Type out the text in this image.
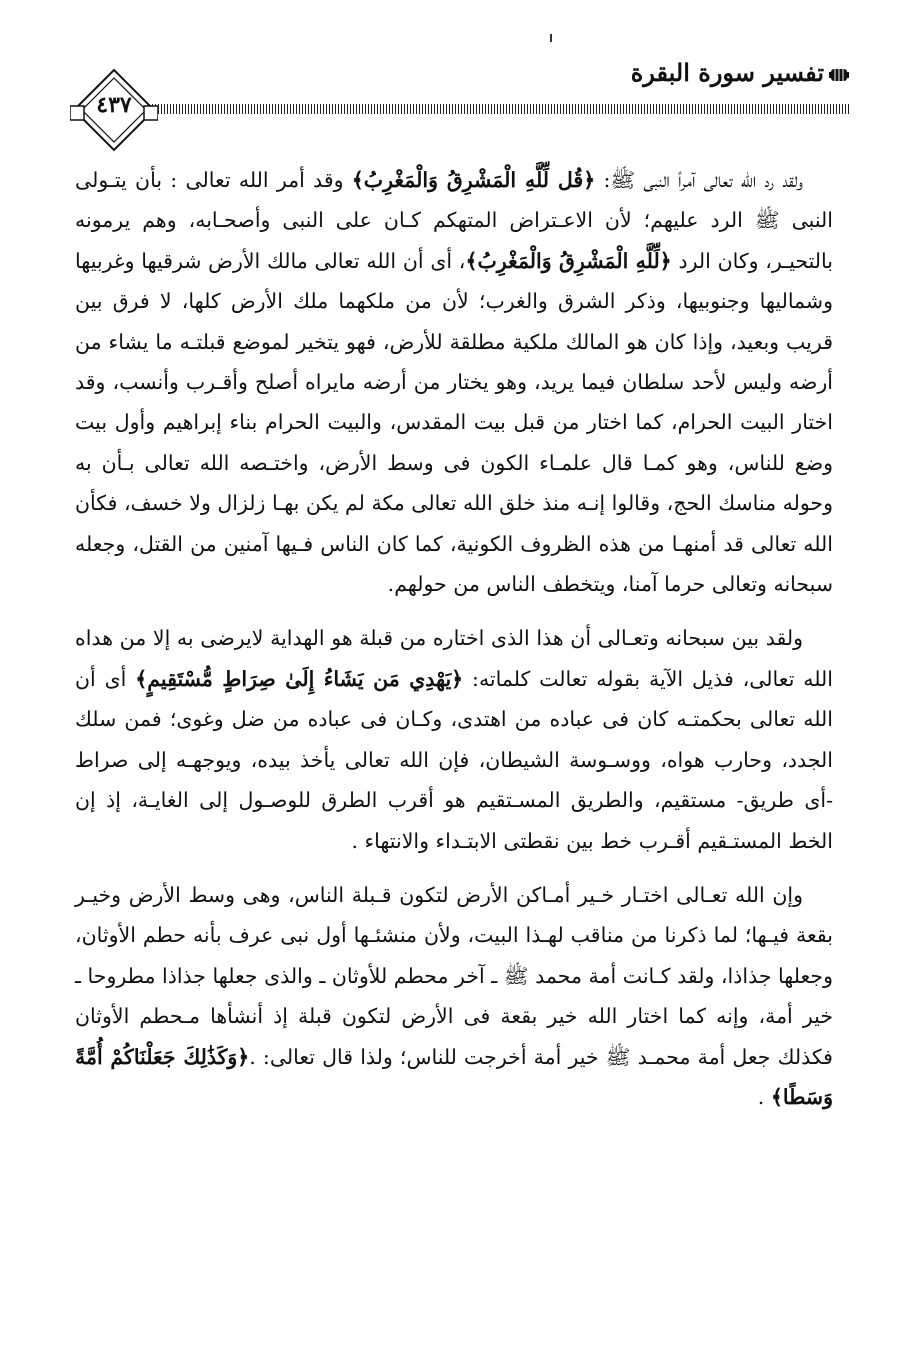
تفسير سورة البقرة
٤٣٧

ولقد رد الله تعالى آمراً النبى ﷺ: ﴿قُل لِّلَّهِ الْمَشْرِقُ وَالْمَغْرِبُ﴾ وقد أمر الله تعالى : بأن يتـولى النبى ﷺ الرد عليهم؛ لأن الاعـتراض المتهكم كـان على النبى وأصحـابه، وهم يرمونه بالتحيـر، وكان الرد ﴿لِّلَّهِ الْمَشْرِقُ وَالْمَغْرِبُ﴾، أى أن الله تعالى مالك الأرض شرقيها وغربيها وشماليها وجنوبيها، وذكر الشرق والغرب؛ لأن من ملكهما ملك الأرض كلها، لا فرق بين قريب وبعيد، وإذا كان هو المالك ملكية مطلقة للأرض، فهو يتخير لموضع قبلتـه ما يشاء من أرضه وليس لأحد سلطان فيما يريد، وهو يختار من أرضه مايراه أصلح وأقـرب وأنسب، وقد اختار البيت الحرام، كما اختار من قبل بيت المقدس، والبيت الحرام بناء إبراهيم وأول بيت وضع للناس، وهو كمـا قال علمـاء الكون فى وسط الأرض، واختـصه الله تعالى بـأن به وحوله مناسك الحج، وقالوا إنـه منذ خلق الله تعالى مكة لم يكن بهـا زلزال ولا خسف، فكأن الله تعالى قد أمنهـا من هذه الظروف الكونية، كما كان الناس فـيها آمنين من القتل، وجعله سبحانه وتعالى حرما آمنا، ويتخطف الناس من حولهم.

ولقد بين سبحانه وتعـالى أن هذا الذى اختاره من قبلة هو الهداية لايرضى به إلا من هداه الله تعالى، فذيل الآية بقوله تعالت كلماته: ﴿يَهْدِي مَن يَشَاءُ إِلَىٰ صِرَاطٍ مُّسْتَقِيمٍ﴾ أى أن الله تعالى بحكمتـه كان فى عباده من اهتدى، وكـان فى عباده من ضل وغوى؛ فمن سلك الجدد، وحارب هواه، ووسـوسة الشيطان، فإن الله تعالى يأخذ بيده، ويوجهـه إلى صراط -أى طريق- مستقيم، والطريق المسـتقيم هو أقرب الطرق للوصـول إلى الغايـة، إذ إن الخط المستـقيم أقـرب خط بين نقطتى الابتـداء والانتهاء .

وإن الله تعـالى اختـار خـير أمـاكن الأرض لتكون قـبلة الناس، وهى وسط الأرض وخيـر بقعة فيـها؛ لما ذكرنا من مناقب لهـذا البيت، ولأن منشئـها أول نبى عرف بأنه حطم الأوثان، وجعلها جذاذا، ولقد كـانت أمة محمد ﷺ ـ آخر محطم للأوثان ـ والذى جعلها جذاذا مطروحا ـ خير أمة، وإنه كما اختار الله خير بقعة فى الأرض لتكون قبلة إذ أنشأها مـحطم الأوثان فكذلك جعل أمة محمـد ﷺ خير أمة أخرجت للناس؛ ولذا قال تعالى: .﴿وَكَذَٰلِكَ جَعَلْنَاكُمْ أُمَّةً وَسَطًا﴾ .
